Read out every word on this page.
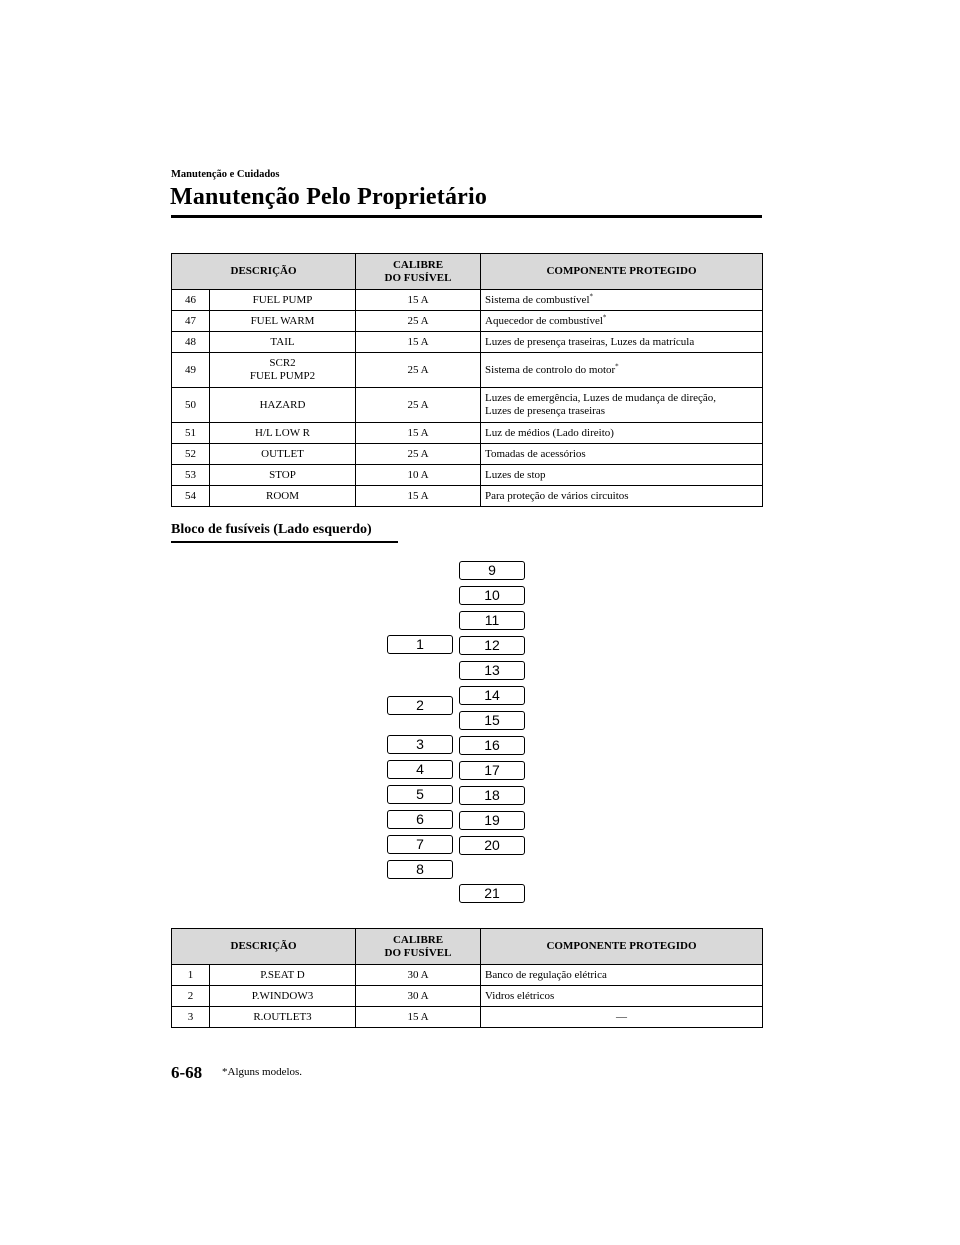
Manutenção e Cuidados
Manutenção Pelo Proprietário
DESCRIÇÃO		CALIBRE
DO FUSÍVEL	COMPONENTE PROTEGIDO
46	FUEL PUMP	15 A	Sistema de combustível*
47	FUEL WARM	25 A	Aquecedor de combustível*
48	TAIL	15 A	Luzes de presença traseiras, Luzes da matrícula
49	SCR2
FUEL PUMP2	25 A	Sistema de controlo do motor*
50	HAZARD	25 A	Luzes de emergência, Luzes de mudança de direção,
Luzes de presença traseiras
51	H/L LOW R	15 A	Luz de médios (Lado direito)
52	OUTLET	25 A	Tomadas de acessórios
53	STOP	10 A	Luzes de stop
54	ROOM	15 A	Para proteção de vários circuitos
Bloco de fusíveis (Lado esquerdo)
1
2
3
4
5
6
7
8
9
10
11
12
13
14
15
16
17
18
19
20
21
DESCRIÇÃO		CALIBRE
DO FUSÍVEL	COMPONENTE PROTEGIDO
1	P.SEAT D	30 A	Banco de regulação elétrica
2	P.WINDOW3	30 A	Vidros elétricos
3	R.OUTLET3	15 A	—
6-68 *Alguns modelos.
